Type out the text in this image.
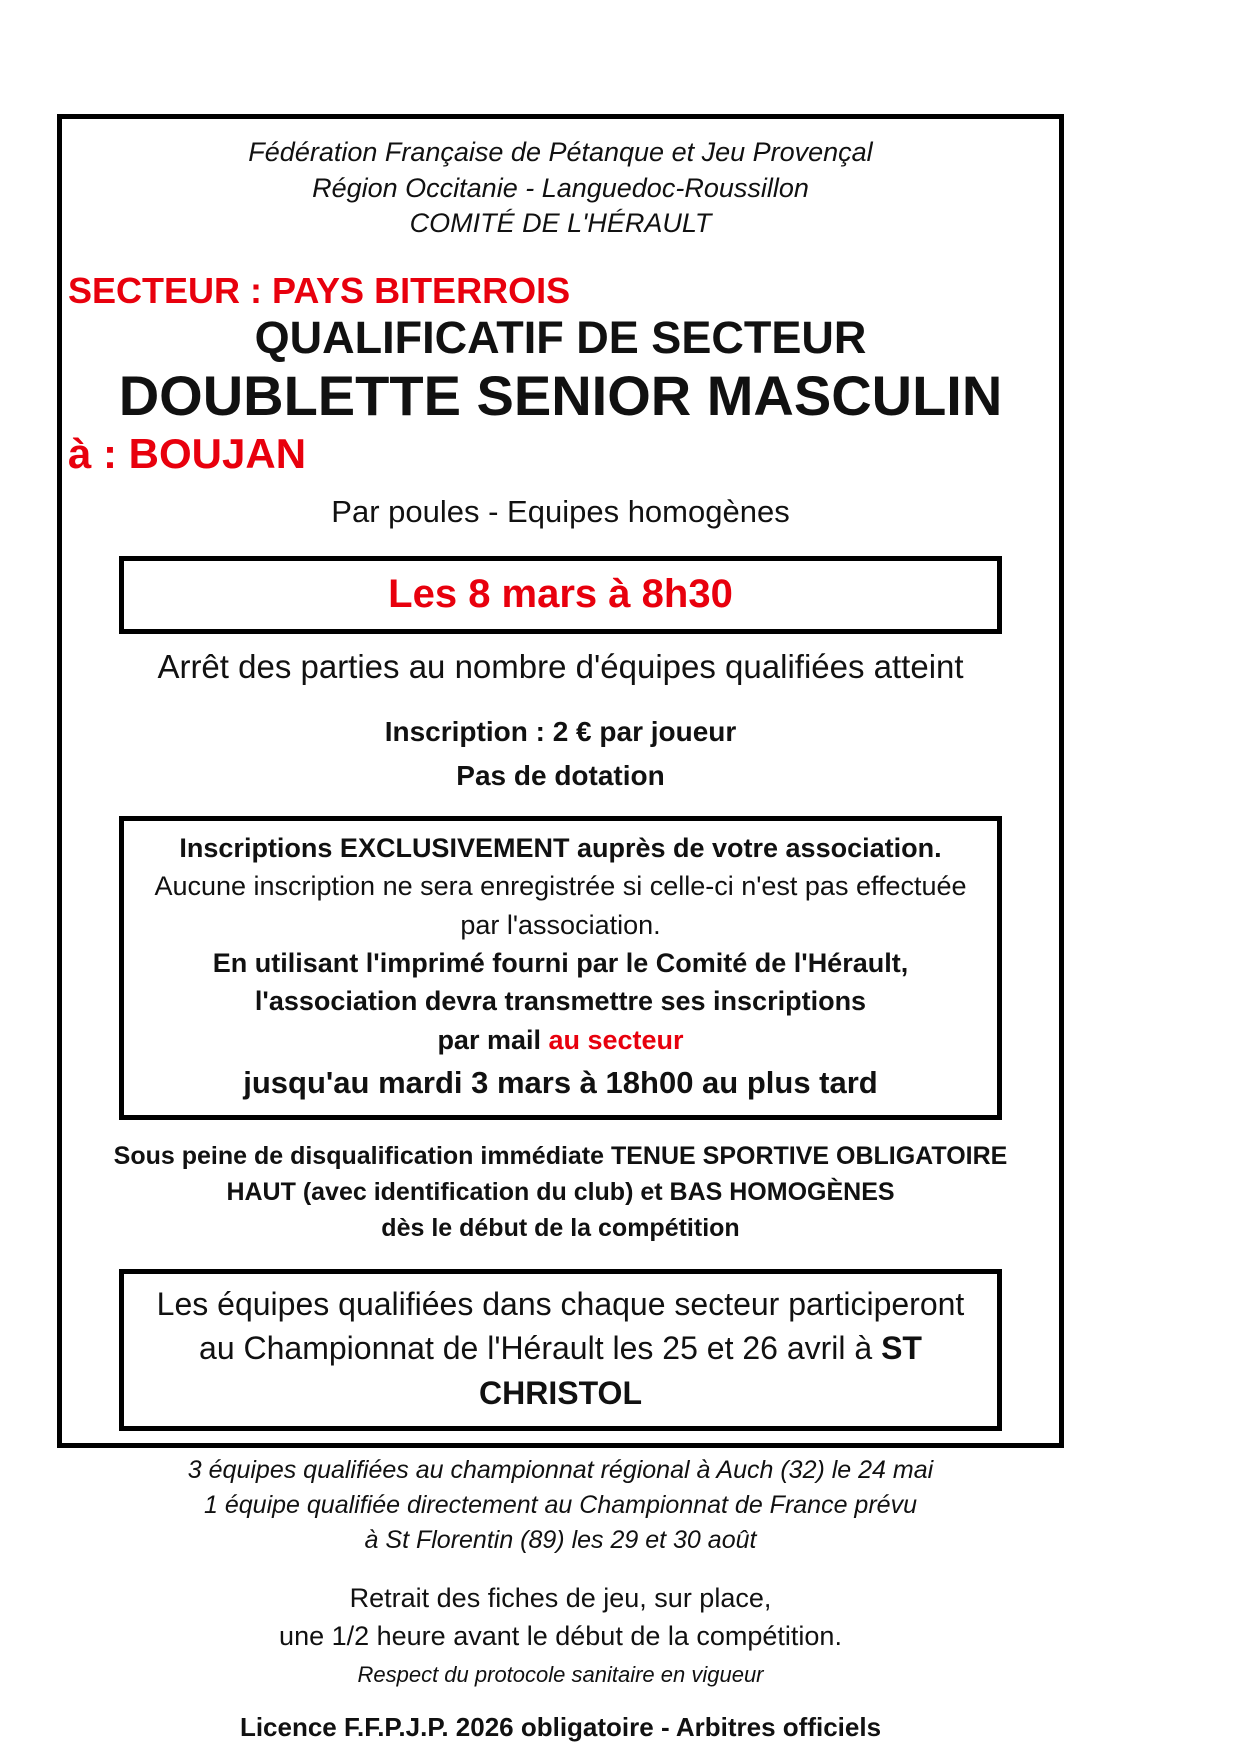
Fédération Française de Pétanque et Jeu Provençal
Région Occitanie - Languedoc-Roussillon
COMITÉ DE L'HÉRAULT
SECTEUR : PAYS BITERROIS
QUALIFICATIF DE SECTEUR
DOUBLETTE SENIOR MASCULIN
à : BOUJAN
Par poules - Equipes homogènes
Les 8 mars à 8h30
Arrêt des parties au nombre d'équipes qualifiées atteint
Inscription : 2 € par joueur
Pas de dotation
Inscriptions EXCLUSIVEMENT auprès de votre association.
Aucune inscription ne sera enregistrée si celle-ci n'est pas effectuée
par l'association.
En utilisant l'imprimé fourni par le Comité de l'Hérault,
l'association devra transmettre ses inscriptions
par mail au secteur
jusqu'au mardi 3 mars à 18h00 au plus tard
Sous peine de disqualification immédiate TENUE SPORTIVE OBLIGATOIRE
HAUT (avec identification du club) et BAS HOMOGÈNES
dès le début de la compétition
Les équipes qualifiées dans chaque secteur participeront
au Championnat de l'Hérault les 25 et 26 avril à ST CHRISTOL
3 équipes qualifiées au championnat régional à Auch (32) le 24 mai
1 équipe qualifiée directement au Championnat de France prévu
à St Florentin (89) les 29 et 30 août
Retrait des fiches de jeu, sur place,
une 1/2 heure avant le début de la compétition.
Respect du protocole sanitaire en vigueur
Licence F.F.P.J.P. 2026 obligatoire - Arbitres officiels
